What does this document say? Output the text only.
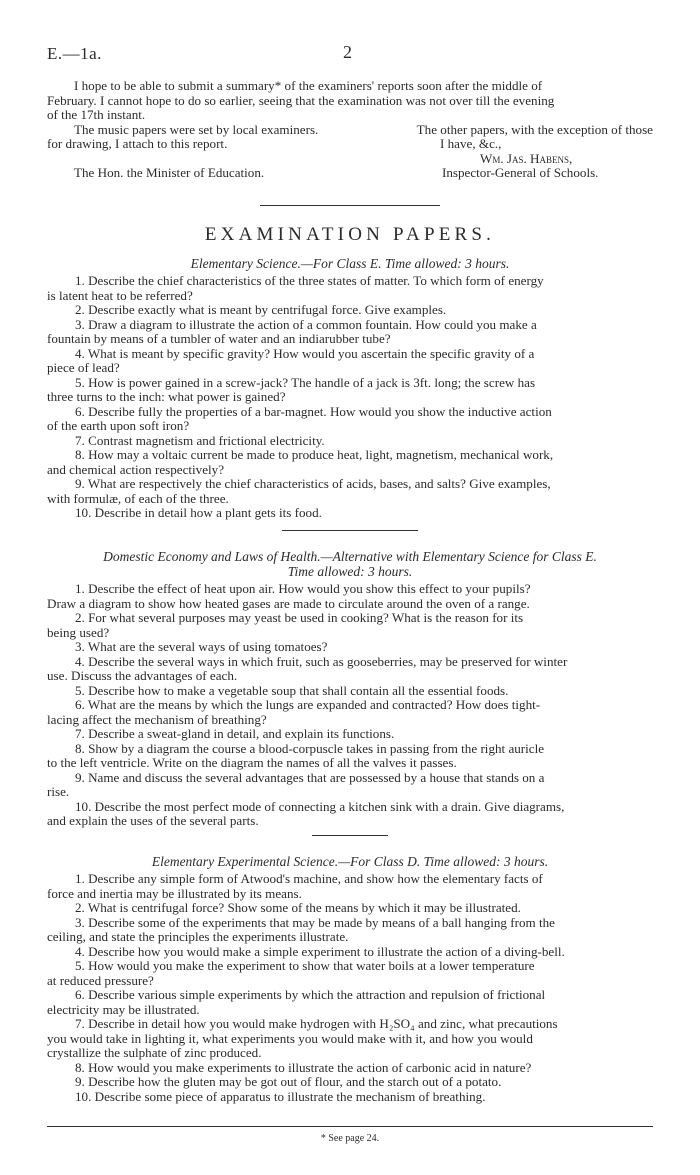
E.—1a.	2

I hope to be able to submit a summary* of the examiners' reports soon after the middle of

February. I cannot hope to do so earlier, seeing that the examination was not over till the evening
of the 17th instant.
The music papers were set by local examiners.	The other papers, with the exception of those
for drawing, I attach to this report.	I have, &c.,
Wm. Jas. Habens,
The Hon. the Minister of Education.	Inspector-General of Schools.
EXAMINATION PAPERS.
Elementary Science.—For Class E. Time allowed: 3 hours.
1. Describe the chief characteristics of the three states of matter. To which form of energy
is latent heat to be referred?
2. Describe exactly what is meant by centrifugal force. Give examples.
3. Draw a diagram to illustrate the action of a common fountain. How could you make a
fountain by means of a tumbler of water and an indiarubber tube?
4. What is meant by specific gravity? How would you ascertain the specific gravity of a
piece of lead?
5. How is power gained in a screw-jack? The handle of a jack is 3ft. long; the screw has
three turns to the inch: what power is gained?
6. Describe fully the properties of a bar-magnet. How would you show the inductive action
of the earth upon soft iron?
7. Contrast magnetism and frictional electricity.
8. How may a voltaic current be made to produce heat, light, magnetism, mechanical work,
and chemical action respectively?
9. What are respectively the chief characteristics of acids, bases, and salts? Give examples,
with formulæ, of each of the three.
10. Describe in detail how a plant gets its food.
Domestic Economy and Laws of Health.—Alternative with Elementary Science for Class E.
Time allowed: 3 hours.
1. Describe the effect of heat upon air. How would you show this effect to your pupils?
Draw a diagram to show how heated gases are made to circulate around the oven of a range.
2. For what several purposes may yeast be used in cooking? What is the reason for its
being used?
3. What are the several ways of using tomatoes?
4. Describe the several ways in which fruit, such as gooseberries, may be preserved for winter
use. Discuss the advantages of each.
5. Describe how to make a vegetable soup that shall contain all the essential foods.
6. What are the means by which the lungs are expanded and contracted? How does tight-
lacing affect the mechanism of breathing?
7. Describe a sweat-gland in detail, and explain its functions.
8. Show by a diagram the course a blood-corpuscle takes in passing from the right auricle
to the left ventricle. Write on the diagram the names of all the valves it passes.
9. Name and discuss the several advantages that are possessed by a house that stands on a
rise.
10. Describe the most perfect mode of connecting a kitchen sink with a drain. Give diagrams,
and explain the uses of the several parts.
Elementary Experimental Science.—For Class D. Time allowed: 3 hours.
1. Describe any simple form of Atwood's machine, and show how the elementary facts of
force and inertia may be illustrated by its means.
2. What is centrifugal force? Show some of the means by which it may be illustrated.
3. Describe some of the experiments that may be made by means of a ball hanging from the
ceiling, and state the principles the experiments illustrate.
4. Describe how you would make a simple experiment to illustrate the action of a diving-bell.
5. How would you make the experiment to show that water boils at a lower temperature
at reduced pressure?
6. Describe various simple experiments by which the attraction and repulsion of frictional
electricity may be illustrated.
7. Describe in detail how you would make hydrogen with H₂SO₄ and zinc, what precautions
you would take in lighting it, what experiments you would make with it, and how you would
crystallize the sulphate of zinc produced.
8. How would you make experiments to illustrate the action of carbonic acid in nature?
9. Describe how the gluten may be got out of flour, and the starch out of a potato.
10. Describe some piece of apparatus to illustrate the mechanism of breathing.
* See page 24.
